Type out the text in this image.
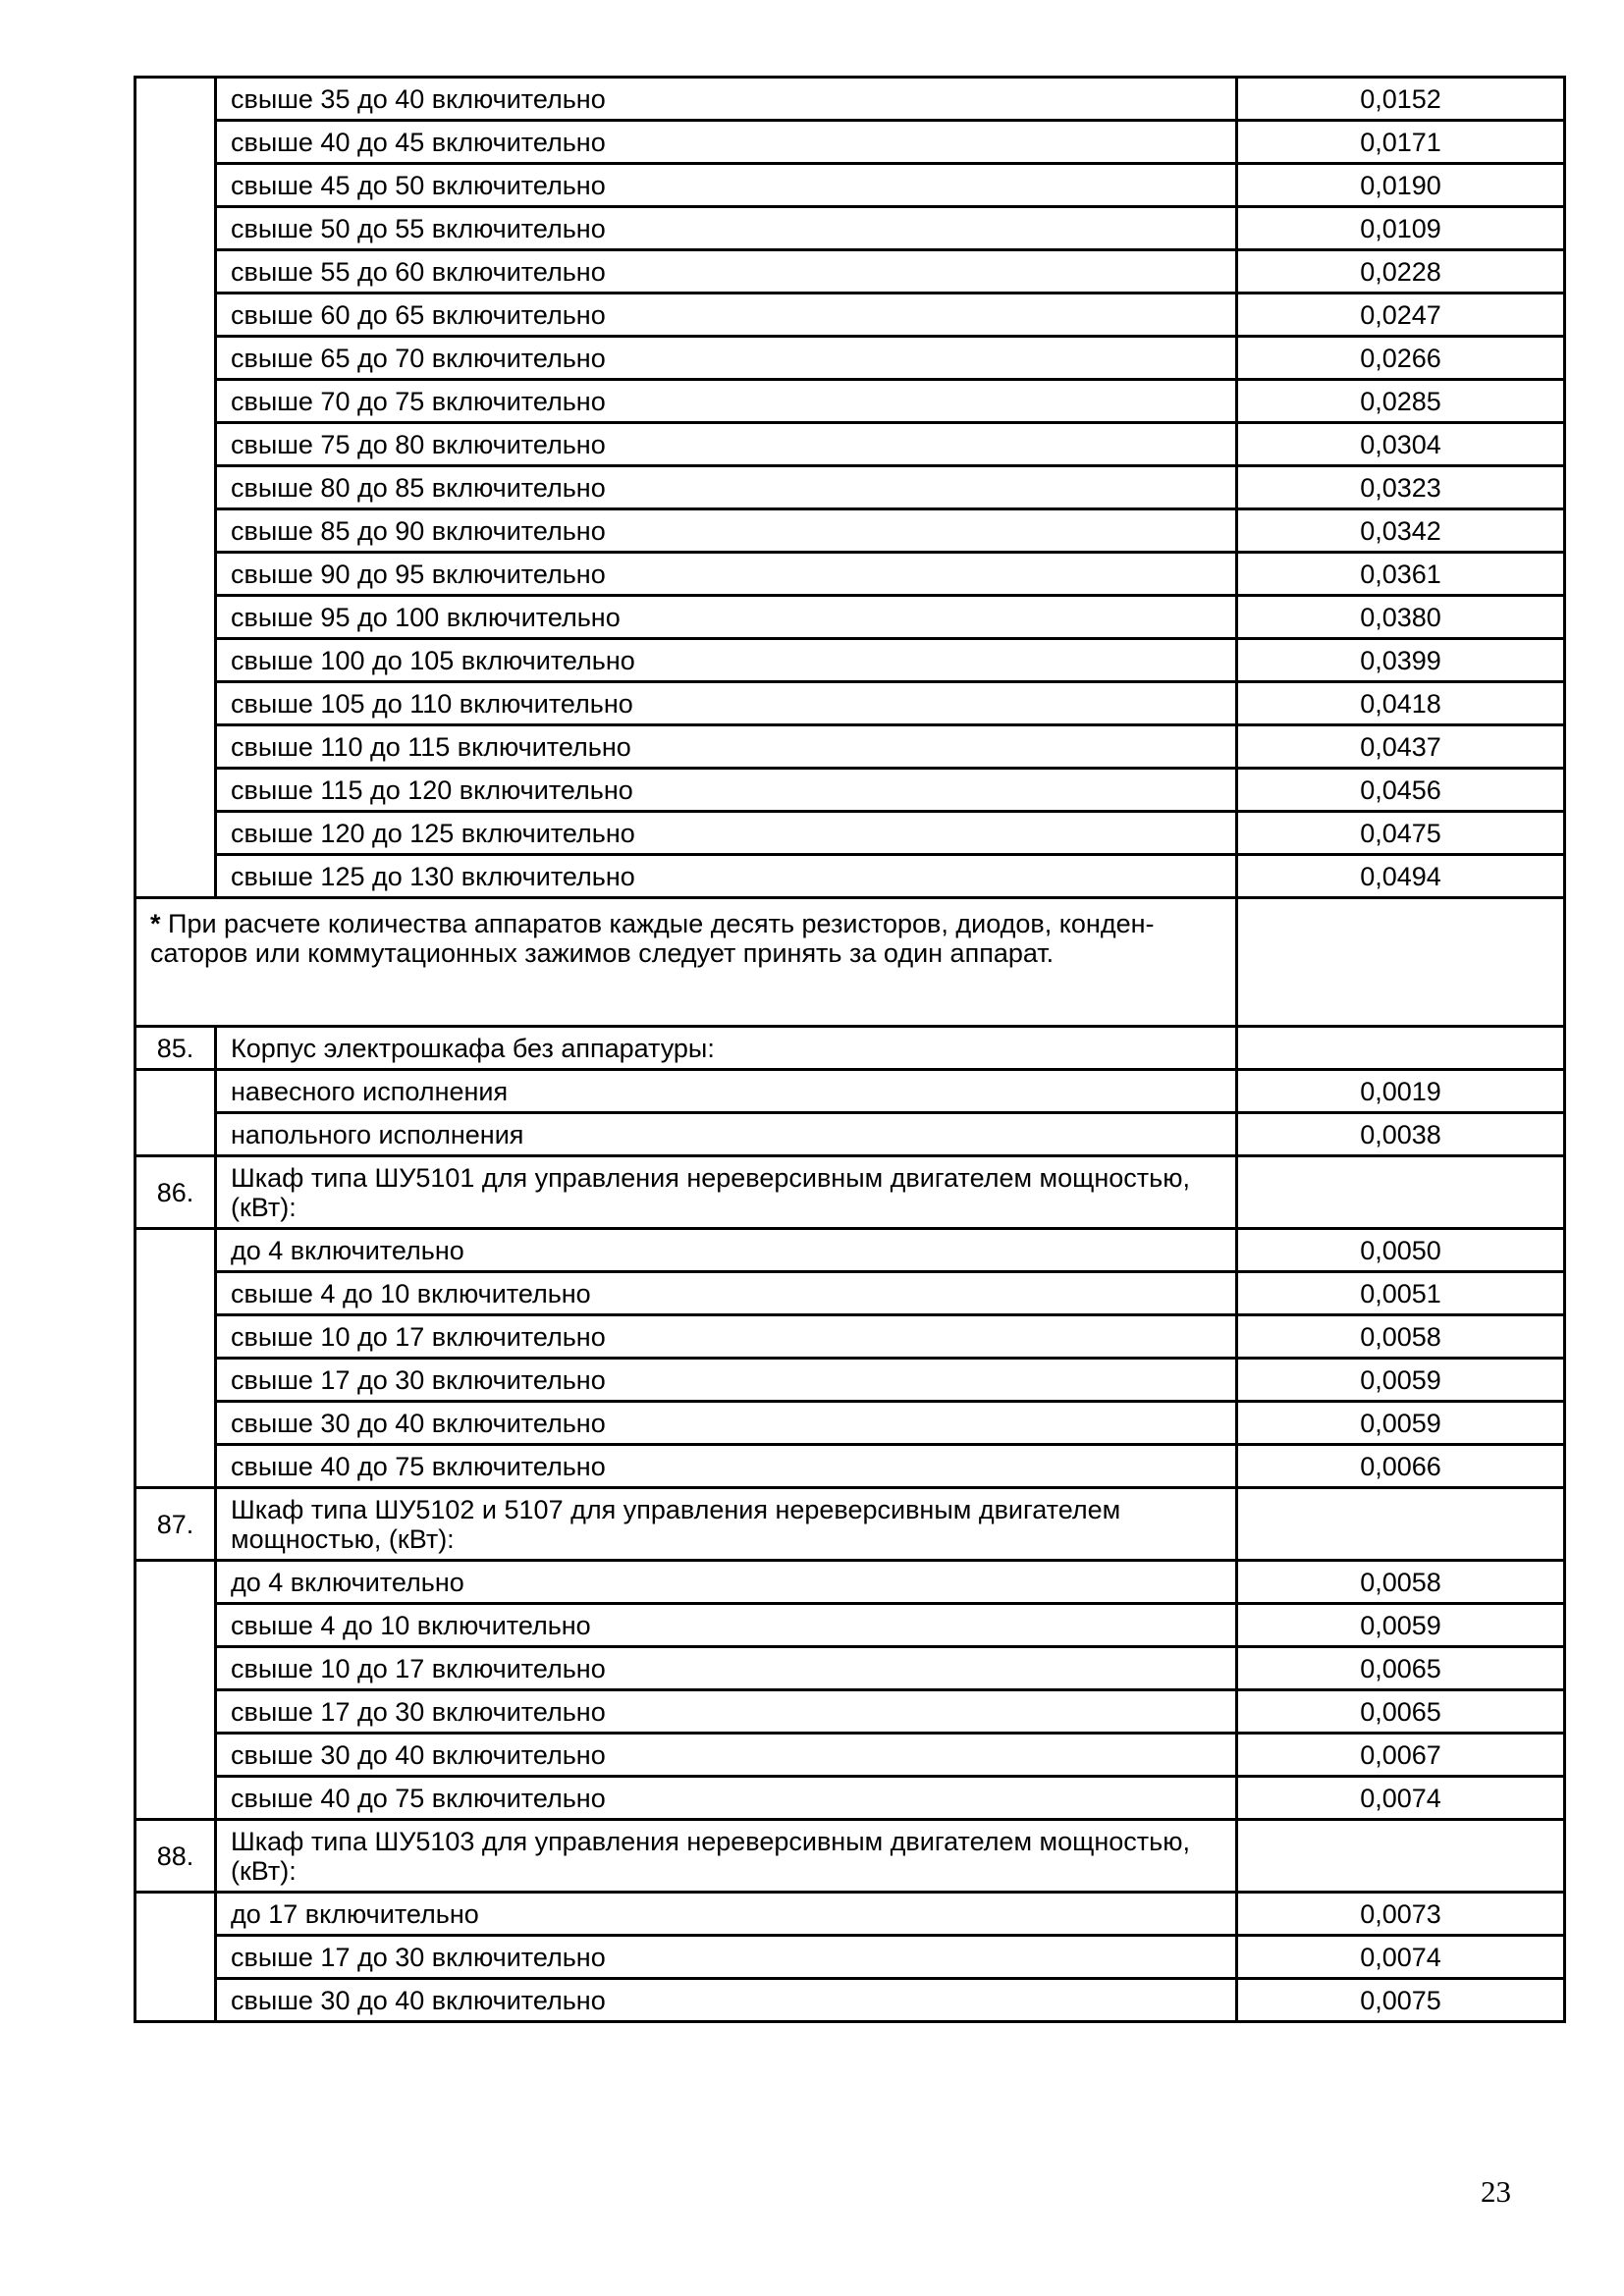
	свыше 35 до 40 включительно	0,0152
	свыше 40 до 45 включительно	0,0171
	свыше 45 до 50 включительно	0,0190
	свыше 50 до 55 включительно	0,0109
	свыше 55 до 60 включительно	0,0228
	свыше 60 до 65 включительно	0,0247
	свыше 65 до 70 включительно	0,0266
	свыше 70 до 75 включительно	0,0285
	свыше 75 до 80 включительно	0,0304
	свыше 80 до 85 включительно	0,0323
	свыше 85 до 90 включительно	0,0342
	свыше 90 до 95 включительно	0,0361
	свыше 95 до 100 включительно	0,0380
	свыше 100 до 105 включительно	0,0399
	свыше 105 до 110 включительно	0,0418
	свыше 110 до 115 включительно	0,0437
	свыше 115 до 120 включительно	0,0456
	свыше 120 до 125 включительно	0,0475
	свыше 125 до 130 включительно	0,0494
* При расчете количества аппаратов каждые десять резисторов, диодов, конден-саторов или коммутационных зажимов следует принять за один аппарат.		
85.	Корпус электрошкафа без аппаратуры:	
	навесного исполнения	0,0019
	напольного исполнения	0,0038
86.	Шкаф типа ШУ5101 для управления нереверсивным двигателем мощностью, (кВт):	
	до 4 включительно	0,0050
	свыше 4 до 10 включительно	0,0051
	свыше 10 до 17 включительно	0,0058
	свыше 17 до 30 включительно	0,0059
	свыше 30 до 40 включительно	0,0059
	свыше 40 до 75 включительно	0,0066
87.	Шкаф типа ШУ5102 и 5107 для управления нереверсивным двигателем мощностью, (кВт):	
	до 4 включительно	0,0058
	свыше 4 до 10 включительно	0,0059
	свыше 10 до 17 включительно	0,0065
	свыше 17 до 30 включительно	0,0065
	свыше 30 до 40 включительно	0,0067
	свыше 40 до 75 включительно	0,0074
88.	Шкаф типа ШУ5103 для управления нереверсивным двигателем мощностью, (кВт):	
	до 17 включительно	0,0073
	свыше 17 до 30 включительно	0,0074
	свыше 30 до 40 включительно	0,0075
23
